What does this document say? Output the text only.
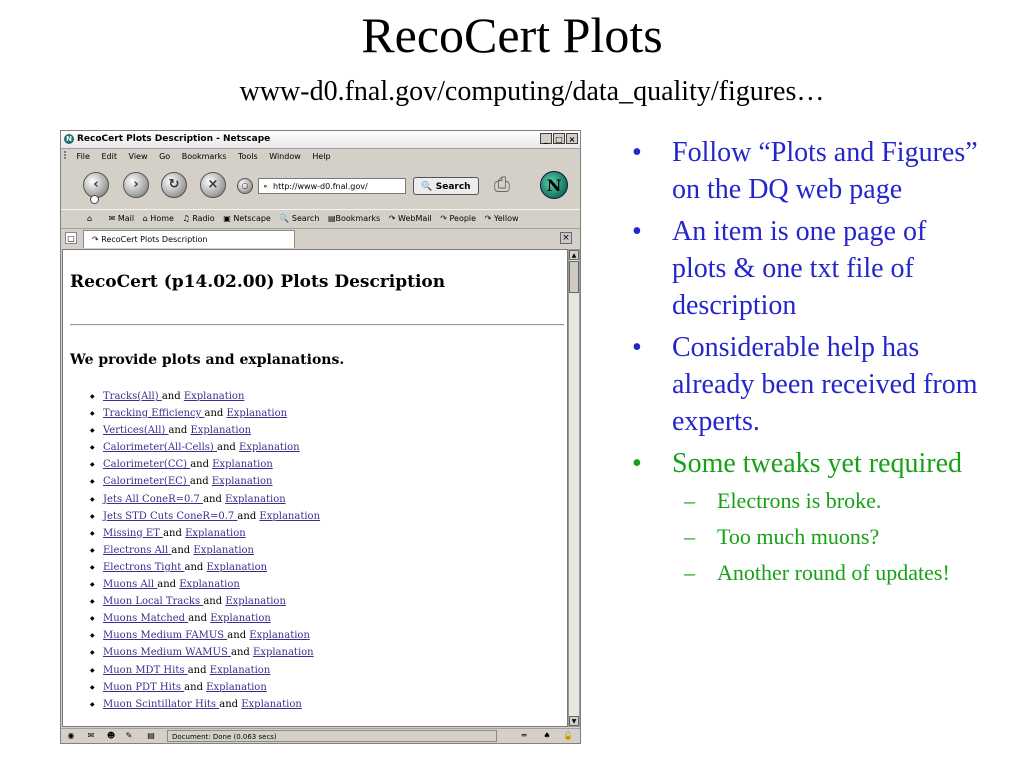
RecoCert Plots
www-d0.fnal.gov/computing/data_quality/figures…
N RecoCert Plots Description - Netscape	_ □ ×
File Edit View Go Bookmarks Tools Window Help
‹	›	↻	×	○	⚬ http://www-d0.fnal.gov/	🔍 Search	⎙	N
⌂ ✉ Mail ⌂ Home ♫ Radio ▣ Netscape 🔍 Search ▤Bookmarks ↷ WebMail ↷ People ↷ Yellow
□	↷ RecoCert Plots Description	×
RecoCert (p14.02.00) Plots Description
We provide plots and explanations.
◆ Tracks(All) and Explanation
◆ Tracking Efficiency and Explanation
◆ Vertices(All) and Explanation
◆ Calorimeter(All-Cells) and Explanation
◆ Calorimeter(CC) and Explanation
◆ Calorimeter(EC) and Explanation
◆ Jets All ConeR=0.7 and Explanation
◆ Jets STD Cuts ConeR=0.7 and Explanation
◆ Missing ET and Explanation
◆ Electrons All and Explanation
◆ Electrons Tight and Explanation
◆ Muons All and Explanation
◆ Muon Local Tracks and Explanation
◆ Muons Matched and Explanation
◆ Muons Medium FAMUS and Explanation
◆ Muons Medium WAMUS and Explanation
◆ Muon MDT Hits and Explanation
◆ Muon PDT Hits and Explanation
◆ Muon Scintillator Hits and Explanation
▲
▼
◉	✉	☻	✎	▤	Document: Done (0.063 secs)	═	♠	🔓
• Follow “Plots and Figures” on the DQ web page
• An item is one page of plots & one txt file of description
• Considerable help has already been received from experts.
• Some tweaks yet required
– Electrons is broke.
– Too much muons?
– Another round of updates!
